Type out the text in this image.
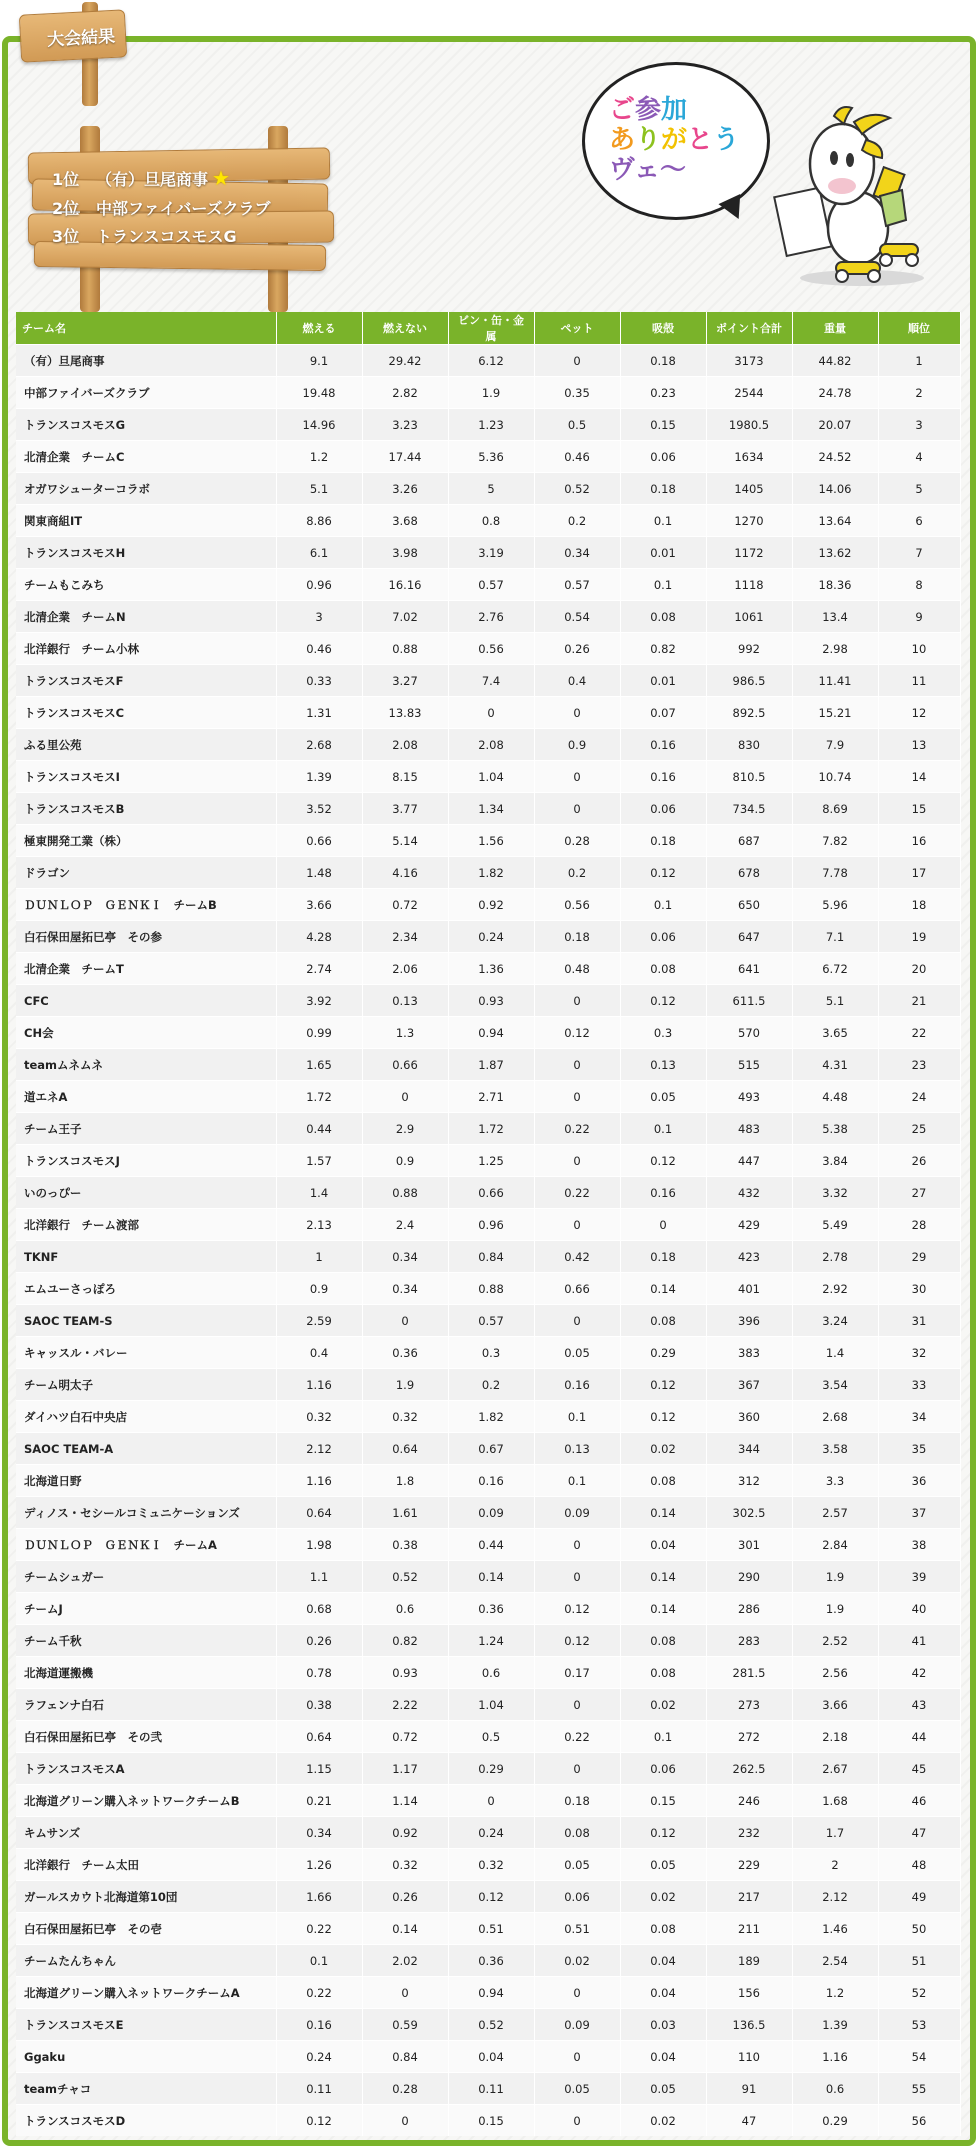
大会結果
1位 （有）旦尾商事 ★
2位 中部ファイバーズクラブ
3位 トランスコスモスG
ご参加
ありがとう
ヴェ〜
チーム名	燃える	燃えない	ビン・缶・金属	ペット	吸殻	ポイント合計	重量	順位
（有）旦尾商事	9.1	29.42	6.12	0	0.18	3173	44.82	1
中部ファイバーズクラブ	19.48	2.82	1.9	0.35	0.23	2544	24.78	2
トランスコスモスG	14.96	3.23	1.23	0.5	0.15	1980.5	20.07	3
北清企業　チームC	1.2	17.44	5.36	0.46	0.06	1634	24.52	4
オガワシューターコラボ	5.1	3.26	5	0.52	0.18	1405	14.06	5
関東商組IT	8.86	3.68	0.8	0.2	0.1	1270	13.64	6
トランスコスモスH	6.1	3.98	3.19	0.34	0.01	1172	13.62	7
チームもこみち	0.96	16.16	0.57	0.57	0.1	1118	18.36	8
北清企業　チームN	3	7.02	2.76	0.54	0.08	1061	13.4	9
北洋銀行　チーム小林	0.46	0.88	0.56	0.26	0.82	992	2.98	10
トランスコスモスF	0.33	3.27	7.4	0.4	0.01	986.5	11.41	11
トランスコスモスC	1.31	13.83	0	0	0.07	892.5	15.21	12
ふる里公苑	2.68	2.08	2.08	0.9	0.16	830	7.9	13
トランスコスモスI	1.39	8.15	1.04	0	0.16	810.5	10.74	14
トランスコスモスB	3.52	3.77	1.34	0	0.06	734.5	8.69	15
極東開発工業（株）	0.66	5.14	1.56	0.28	0.18	687	7.82	16
ドラゴン	1.48	4.16	1.82	0.2	0.12	678	7.78	17
ＤＵＮＬＯＰ　ＧＥＮＫＩ　チームB	3.66	0.72	0.92	0.56	0.1	650	5.96	18
白石保田屋拓巳亭　その参	4.28	2.34	0.24	0.18	0.06	647	7.1	19
北清企業　チームT	2.74	2.06	1.36	0.48	0.08	641	6.72	20
CFC	3.92	0.13	0.93	0	0.12	611.5	5.1	21
CH会	0.99	1.3	0.94	0.12	0.3	570	3.65	22
teamムネムネ	1.65	0.66	1.87	0	0.13	515	4.31	23
道エネA	1.72	0	2.71	0	0.05	493	4.48	24
チーム王子	0.44	2.9	1.72	0.22	0.1	483	5.38	25
トランスコスモスJ	1.57	0.9	1.25	0	0.12	447	3.84	26
いのっぴー	1.4	0.88	0.66	0.22	0.16	432	3.32	27
北洋銀行　チーム渡部	2.13	2.4	0.96	0	0	429	5.49	28
TKNF	1	0.34	0.84	0.42	0.18	423	2.78	29
エムユーさっぽろ	0.9	0.34	0.88	0.66	0.14	401	2.92	30
SAOC TEAM-S	2.59	0	0.57	0	0.08	396	3.24	31
キャッスル・バレー	0.4	0.36	0.3	0.05	0.29	383	1.4	32
チーム明太子	1.16	1.9	0.2	0.16	0.12	367	3.54	33
ダイハツ白石中央店	0.32	0.32	1.82	0.1	0.12	360	2.68	34
SAOC TEAM-A	2.12	0.64	0.67	0.13	0.02	344	3.58	35
北海道日野	1.16	1.8	0.16	0.1	0.08	312	3.3	36
ディノス・セシールコミュニケーションズ	0.64	1.61	0.09	0.09	0.14	302.5	2.57	37
ＤＵＮＬＯＰ　ＧＥＮＫＩ　チームA	1.98	0.38	0.44	0	0.04	301	2.84	38
チームシュガー	1.1	0.52	0.14	0	0.14	290	1.9	39
チームJ	0.68	0.6	0.36	0.12	0.14	286	1.9	40
チーム千秋	0.26	0.82	1.24	0.12	0.08	283	2.52	41
北海道運搬機	0.78	0.93	0.6	0.17	0.08	281.5	2.56	42
ラフェンナ白石	0.38	2.22	1.04	0	0.02	273	3.66	43
白石保田屋拓巳亭　その弐	0.64	0.72	0.5	0.22	0.1	272	2.18	44
トランスコスモスA	1.15	1.17	0.29	0	0.06	262.5	2.67	45
北海道グリーン購入ネットワークチームB	0.21	1.14	0	0.18	0.15	246	1.68	46
キムサンズ	0.34	0.92	0.24	0.08	0.12	232	1.7	47
北洋銀行　チーム太田	1.26	0.32	0.32	0.05	0.05	229	2	48
ガールスカウト北海道第10団	1.66	0.26	0.12	0.06	0.02	217	2.12	49
白石保田屋拓巳亭　その壱	0.22	0.14	0.51	0.51	0.08	211	1.46	50
チームたんちゃん	0.1	2.02	0.36	0.02	0.04	189	2.54	51
北海道グリーン購入ネットワークチームA	0.22	0	0.94	0	0.04	156	1.2	52
トランスコスモスE	0.16	0.59	0.52	0.09	0.03	136.5	1.39	53
Ggaku	0.24	0.84	0.04	0	0.04	110	1.16	54
teamチャコ	0.11	0.28	0.11	0.05	0.05	91	0.6	55
トランスコスモスD	0.12	0	0.15	0	0.02	47	0.29	56
